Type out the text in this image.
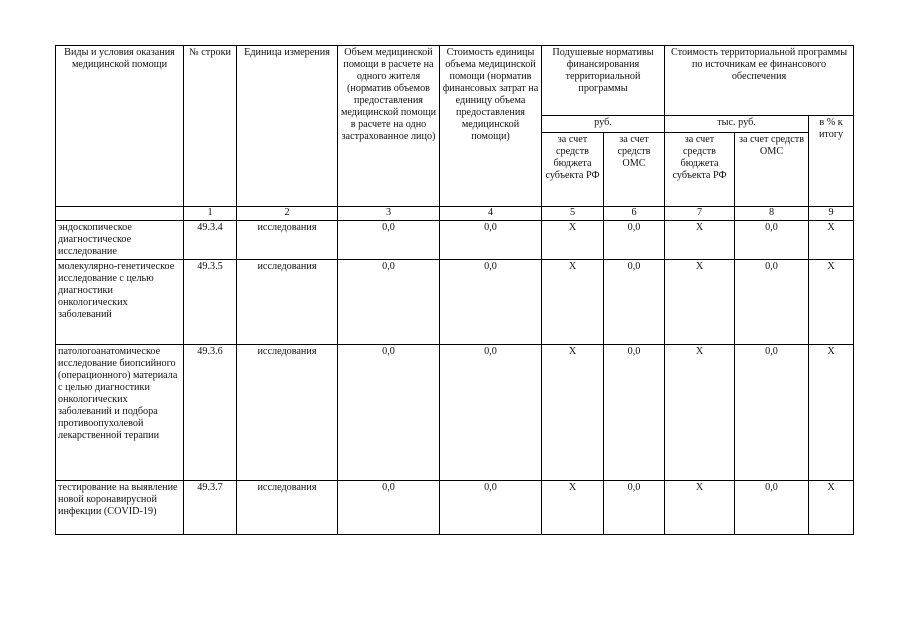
Виды и условия оказания медицинской помощи	№ строки	Единица измерения	Объем медицинской помощи в расчете на одного жителя (норматив объемов предоставления медицинской помощи в расчете на одно застрахованное лицо)	Стоимость единицы объема медицинской помощи (норматив финансовых затрат на единицу объема предоставления медицинской помощи)	Подушевые нормативы финансирования территориальной программы		Стоимость территориальной программы по источникам ее финансового обеспечения		
					руб.		тыс. руб.		в % к итогу
					за счет средств бюджета субъекта РФ	за счет средств ОМС	за счет средств бюджета субъекта РФ	за счет средств ОМС	
	1	2	3	4	5	6	7	8	9
эндоскопическое диагностическое исследование	49.3.4	исследования	0,0	0,0	X	0,0	X	0,0	X
молекулярно-генетическое исследование с целью диагностики онкологических заболеваний	49.3.5	исследования	0,0	0,0	X	0,0	X	0,0	X
патологоанатомическое исследование биопсийного (операционного) материала с целью диагностики онкологических заболеваний и подбора противоопухолевой лекарственной терапии	49.3.6	исследования	0,0	0,0	X	0,0	X	0,0	X
тестирование на выявление новой коронавирусной инфекции (COVID-19)	49.3.7	исследования	0,0	0,0	X	0,0	X	0,0	X
